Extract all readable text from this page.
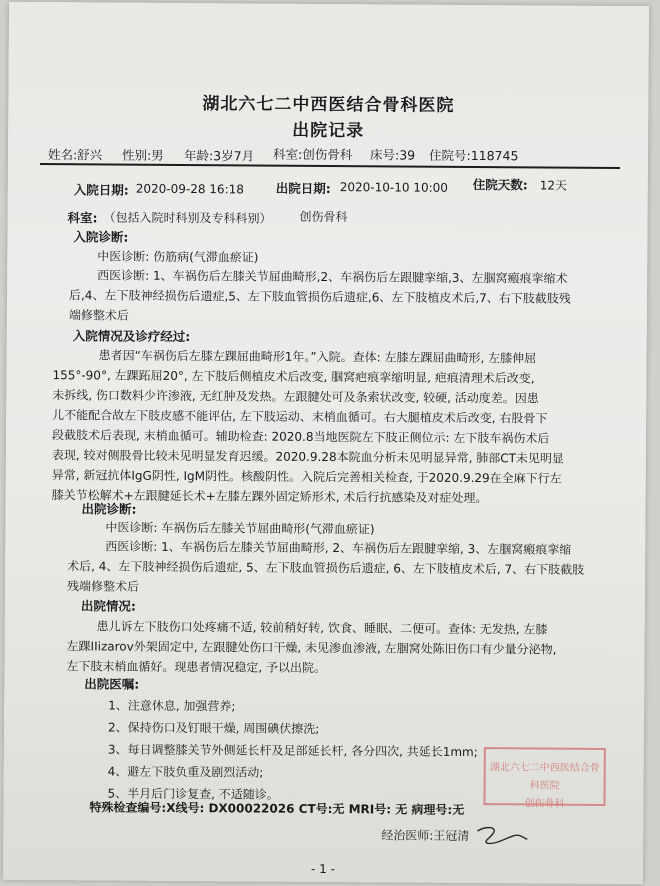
湖北六七二中西医结合骨科医院
出院记录
姓名:舒兴 性别:男 年龄:3岁7月 科室:创伤骨科 床号:39 住院号:118745
入院日期: 2020-09-28 16:18	出院日期: 2020-10-10 10:00 住院天数: 12天
科室: （包括入院时科别及专科科别） 创伤骨科
入院诊断:
中医诊断: 伤筋病(气滞血瘀证)
西医诊断: 1、车祸伤后左膝关节屈曲畸形,2、车祸伤后左跟腱挛缩,3、左腘窝瘢痕挛缩术
后,4、左下肢神经损伤后遗症,5、左下肢血管损伤后遗症,6、左下肢植皮术后,7、右下肢截肢残
端修整术后
入院情况及诊疗经过:
患者因“车祸伤后左膝左踝屈曲畸形1年。”入院。查体: 左膝左踝屈曲畸形, 左膝伸屈
155°-90°, 左踝跖屈20°, 左下肢后侧植皮术后改变, 腘窝疤痕挛缩明显, 疤痕清理术后改变,
未拆线, 伤口数料少许渗液, 无红肿及发热。左跟腱处可及条索状改变, 较硬, 活动度差。因患
儿不能配合故左下肢皮感不能评估, 左下肢运动、末梢血循可。右大腿植皮术后改变, 右股骨下
段截肢术后表现, 末梢血循可。辅助检查: 2020.8当地医院左下肢正侧位示: 左下肢车祸伤术后
表现, 较对侧股骨比较未见明显发育迟缓。2020.9.28本院血分析未见明显异常, 肺部CT未见明显
异常, 新冠抗体IgG阴性, IgM阴性。核酸阴性。入院后完善相关检查, 于2020.9.29在全麻下行左
膝关节松解术+左跟腱延长术+左膝左踝外固定矫形术, 术后行抗感染及对症处理。
出院诊断:
中医诊断: 车祸伤后左膝关节屈曲畸形(气滞血瘀证)
西医诊断: 1、车祸伤后左膝关节屈曲畸形, 2、车祸伤后左跟腱挛缩, 3、左腘窝瘢痕挛缩
术后, 4、左下肢神经损伤后遗症, 5、左下肢血管损伤后遗症, 6、左下肢植皮术后, 7、右下肢截肢
残端修整术后
出院情况:
患儿诉左下肢伤口处疼痛不适, 较前稍好转, 饮食、睡眠、二便可。查体: 无发热, 左膝
左踝IIizarov外架固定中, 左跟腱处伤口干燥, 未见渗血渗液, 左腘窝处陈旧伤口有少量分泌物,
左下肢末梢血循好。现患者情况稳定, 予以出院。
出院医嘱:
1、注意休息, 加强营养;
2、保持伤口及钉眼干燥, 周围碘伏擦洗;
3、每日调整膝关节外侧延长杆及足部延长杆, 各分四次, 共延长1mm;
4、避左下肢负重及剧烈活动;
5、半月后门诊复查, 不适随诊。
湖北六七二中西医结合骨科医院
创伤骨科
特殊检查编号:X线号: DX00022026 CT号:无 MRI号: 无 病理号:无
经治医师:王冠清
- 1 -
